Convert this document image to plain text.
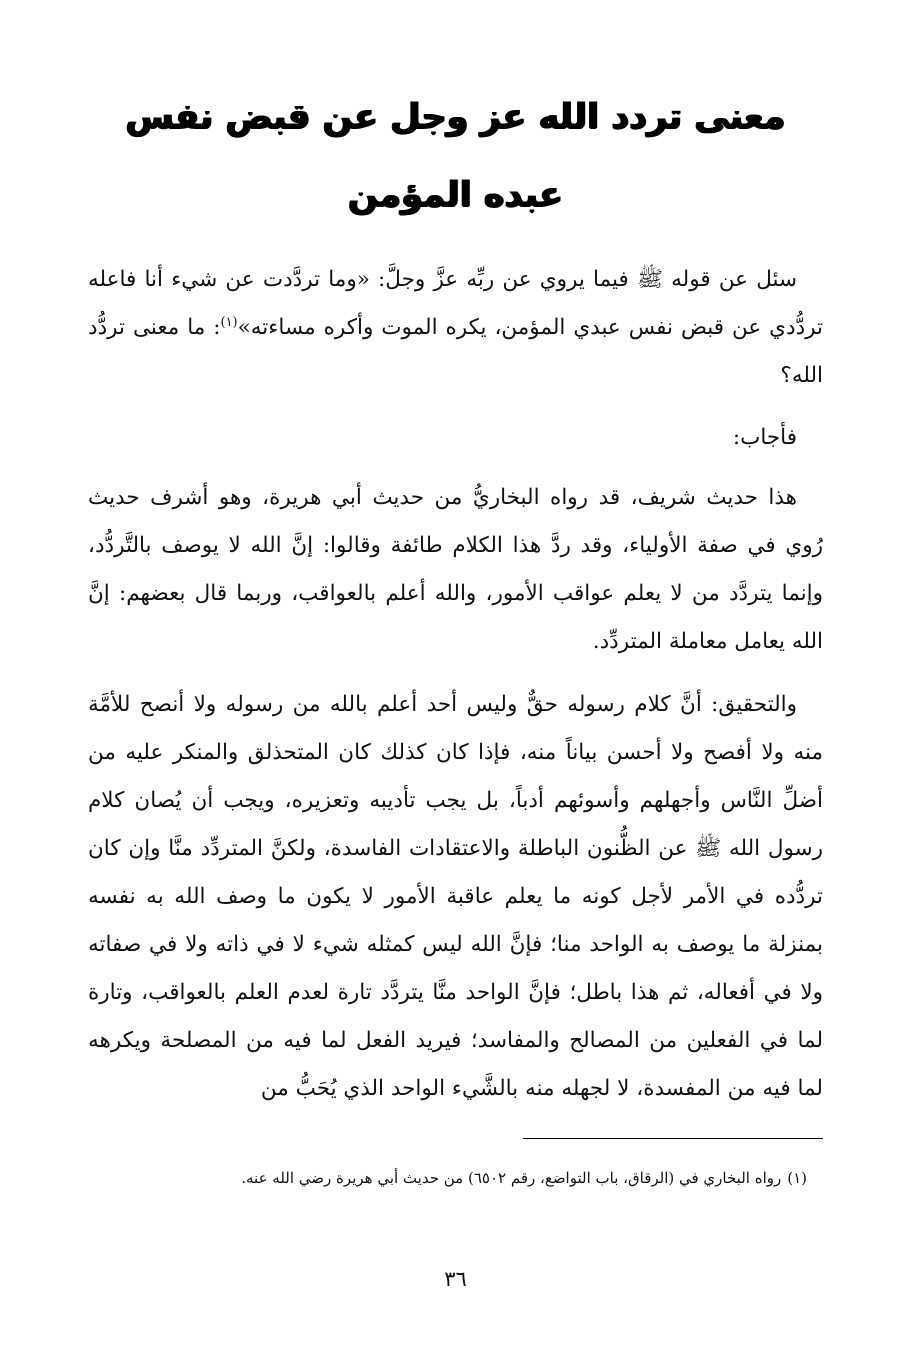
معنى تردد الله عز وجل عن قبض نفس
عبده المؤمن

سئل عن قوله ﷺ فيما يروي عن ربِّه عزَّ وجلَّ: «وما تردَّدت عن شيء أنا فاعله تردُّدي عن قبض نفس عبدي المؤمن، يكره الموت وأكره مساءته»$^{(١)}$: ما معنى تردُّد الله؟

فأجاب:

هذا حديث شريف، قد رواه البخاريُّ من حديث أبي هريرة، وهو أشرف حديث رُوي في صفة الأولياء، وقد ردَّ هذا الكلام طائفة وقالوا: إنَّ الله لا يوصف بالتَّردُّد، وإنما يتردَّد من لا يعلم عواقب الأمور، والله أعلم بالعواقب، وربما قال بعضهم: إنَّ الله يعامل معاملة المتردِّد.

والتحقيق: أنَّ كلام رسوله حقٌّ وليس أحد أعلم بالله من رسوله ولا أنصح للأمَّة منه ولا أفصح ولا أحسن بياناً منه، فإذا كان كذلك كان المتحذلق والمنكر عليه من أضلِّ النَّاس وأجهلهم وأسوئهم أدباً، بل يجب تأديبه وتعزيره، ويجب أن يُصان كلام رسول الله ﷺ عن الظُّنون الباطلة والاعتقادات الفاسدة، ولكنَّ المتردِّد منَّا وإن كان تردُّده في الأمر لأجل كونه ما يعلم عاقبة الأمور لا يكون ما وصف الله به نفسه بمنزلة ما يوصف به الواحد منا؛ فإنَّ الله ليس كمثله شيء لا في ذاته ولا في صفاته ولا في أفعاله، ثم هذا باطل؛ فإنَّ الواحد منَّا يتردَّد تارة لعدم العلم بالعواقب، وتارة لما في الفعلين من المصالح والمفاسد؛ فيريد الفعل لما فيه من المصلحة ويكرهه لما فيه من المفسدة، لا لجهله منه بالشَّيء الواحد الذي يُحَبُّ من

(١)رواه البخاري في (الرقاق، باب التواضع، رقم ٦٥٠٢) من حديث أبي هريرة رضي الله عنه.

٣٦
